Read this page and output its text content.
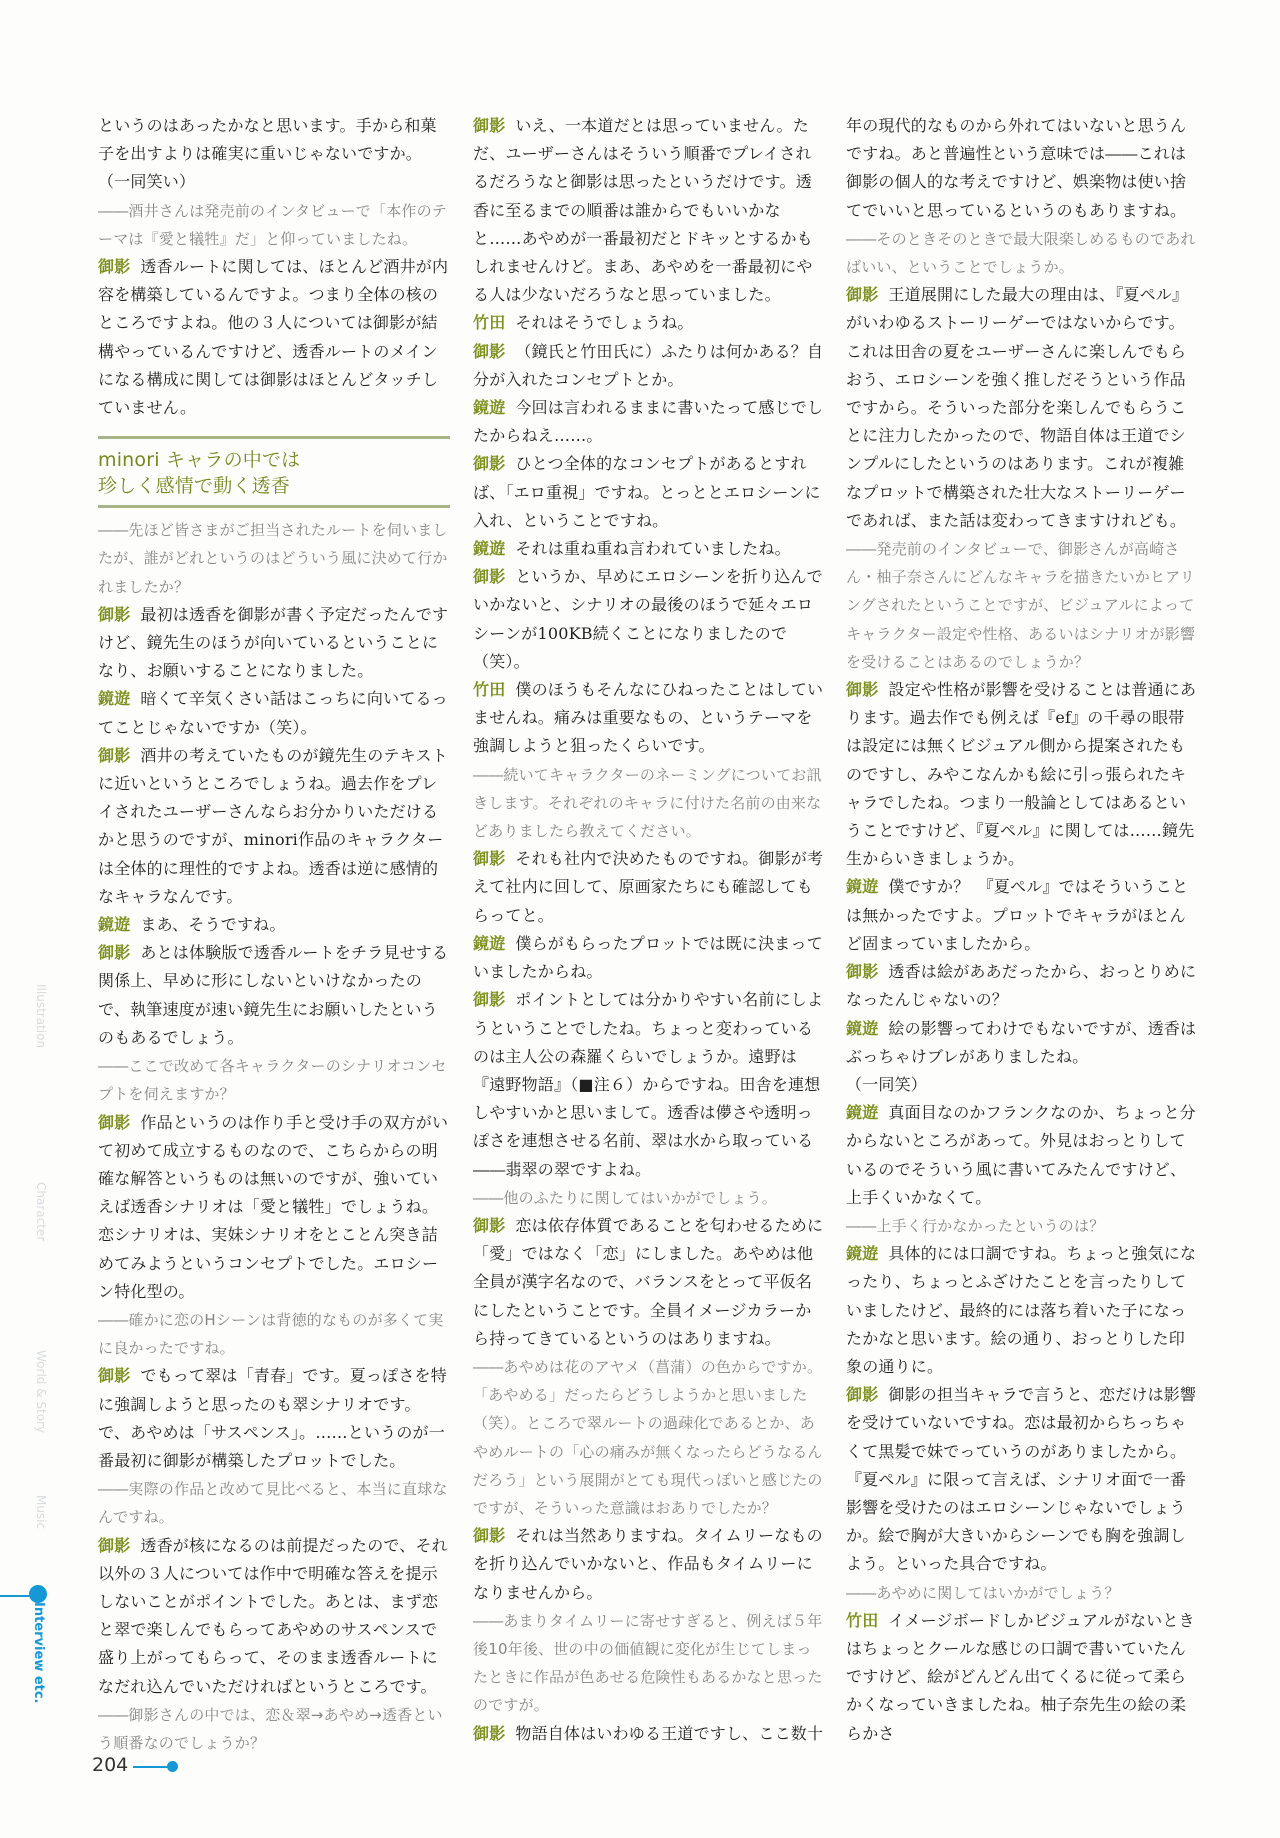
というのはあったかなと思います。手から和菓子を出すよりは確実に重いじゃないですか。

（一同笑い）

――酒井さんは発売前のインタビューで「本作のテーマは『愛と犠牲』だ」と仰っていましたね。

御影 透香ルートに関しては、ほとんど酒井が内容を構築しているんですよ。つまり全体の核のところですよね。他の３人については御影が結構やっているんですけど、透香ルートのメインになる構成に関しては御影はほとんどタッチしていません。

minori キャラの中では
珍しく感情で動く透香

――先ほど皆さまがご担当されたルートを伺いましたが、誰がどれというのはどういう風に決めて行かれましたか？

御影 最初は透香を御影が書く予定だったんですけど、鏡先生のほうが向いているということになり、お願いすることになりました。

鏡遊 暗くて辛気くさい話はこっちに向いてるってことじゃないですか（笑）。

御影 酒井の考えていたものが鏡先生のテキストに近いというところでしょうね。過去作をプレイされたユーザーさんならお分かりいただけるかと思うのですが、minori作品のキャラクターは全体的に理性的ですよね。透香は逆に感情的なキャラなんです。

鏡遊 まあ、そうですね。

御影 あとは体験版で透香ルートをチラ見せする関係上、早めに形にしないといけなかったので、執筆速度が速い鏡先生にお願いしたというのもあるでしょう。

――ここで改めて各キャラクターのシナリオコンセプトを伺えますか？

御影 作品というのは作り手と受け手の双方がいて初めて成立するものなので、こちらからの明確な解答というものは無いのですが、強いていえば透香シナリオは「愛と犠牲」でしょうね。恋シナリオは、実妹シナリオをとことん突き詰めてみようというコンセプトでした。エロシーン特化型の。

――確かに恋のHシーンは背徳的なものが多くて実に良かったですね。

御影 でもって翠は「青春」です。夏っぽさを特に強調しようと思ったのも翠シナリオです。で、あやめは「サスペンス」。……というのが一番最初に御影が構築したプロットでした。

――実際の作品と改めて見比べると、本当に直球なんですね。

御影 透香が核になるのは前提だったので、それ以外の３人については作中で明確な答えを提示しないことがポイントでした。あとは、まず恋と翠で楽しんでもらってあやめのサスペンスで盛り上がってもらって、そのまま透香ルートになだれ込んでいただければというところです。

――御影さんの中では、恋＆翠→あやめ→透香という順番なのでしょうか？

御影 いえ、一本道だとは思っていません。ただ、ユーザーさんはそういう順番でプレイされるだろうなと御影は思ったというだけです。透香に至るまでの順番は誰からでもいいかなと……あやめが一番最初だとドキッとするかもしれませんけど。まあ、あやめを一番最初にやる人は少ないだろうなと思っていました。

竹田 それはそうでしょうね。

御影 （鏡氏と竹田氏に）ふたりは何かある？自分が入れたコンセプトとか。

鏡遊 今回は言われるままに書いたって感じでしたからねえ……。

御影 ひとつ全体的なコンセプトがあるとすれば、「エロ重視」ですね。とっととエロシーンに入れ、ということですね。

鏡遊 それは重ね重ね言われていましたね。

御影 というか、早めにエロシーンを折り込んでいかないと、シナリオの最後のほうで延々エロシーンが100KB続くことになりましたので（笑）。

竹田 僕のほうもそんなにひねったことはしていませんね。痛みは重要なもの、というテーマを強調しようと狙ったくらいです。

――続いてキャラクターのネーミングについてお訊きします。それぞれのキャラに付けた名前の由来などありましたら教えてください。

御影 それも社内で決めたものですね。御影が考えて社内に回して、原画家たちにも確認してもらってと。

鏡遊 僕らがもらったプロットでは既に決まっていましたからね。

御影 ポイントとしては分かりやすい名前にしようということでしたね。ちょっと変わっているのは主人公の森羅くらいでしょうか。遠野は『遠野物語』（■注６）からですね。田舎を連想しやすいかと思いまして。透香は儚さや透明っぽさを連想させる名前、翠は水から取っている――翡翠の翠ですよね。

――他のふたりに関してはいかがでしょう。

御影 恋は依存体質であることを匂わせるために「愛」ではなく「恋」にしました。あやめは他全員が漢字名なので、バランスをとって平仮名にしたということです。全員イメージカラーから持ってきているというのはありますね。

――あやめは花のアヤメ（菖蒲）の色からですか。「あやめる」だったらどうしようかと思いました（笑）。ところで翠ルートの過疎化であるとか、あやめルートの「心の痛みが無くなったらどうなるんだろう」という展開がとても現代っぽいと感じたのですが、そういった意識はおありでしたか？

御影 それは当然ありますね。タイムリーなものを折り込んでいかないと、作品もタイムリーになりませんから。

――あまりタイムリーに寄せすぎると、例えば５年後10年後、世の中の価値観に変化が生じてしまったときに作品が色あせる危険性もあるかなと思ったのですが。

御影 物語自体はいわゆる王道ですし、ここ数十

年の現代的なものから外れてはいないと思うんですね。あと普遍性という意味では――これは御影の個人的な考えですけど、娯楽物は使い捨てでいいと思っているというのもありますね。

――そのときそのときで最大限楽しめるものであればいい、ということでしょうか。

御影 王道展開にした最大の理由は、『夏ペル』がいわゆるストーリーゲーではないからです。これは田舎の夏をユーザーさんに楽しんでもらおう、エロシーンを強く推しだそうという作品ですから。そういった部分を楽しんでもらうことに注力したかったので、物語自体は王道でシンプルにしたというのはあります。これが複雑なプロットで構築された壮大なストーリーゲーであれば、また話は変わってきますけれども。

――発売前のインタビューで、御影さんが高崎さん・柚子奈さんにどんなキャラを描きたいかヒアリングされたということですが、ビジュアルによってキャラクター設定や性格、あるいはシナリオが影響を受けることはあるのでしょうか？

御影 設定や性格が影響を受けることは普通にあります。過去作でも例えば『ef』の千尋の眼帯は設定には無くビジュアル側から提案されたものですし、みやこなんかも絵に引っ張られたキャラでしたね。つまり一般論としてはあるということですけど、『夏ペル』に関しては……鏡先生からいきましょうか。

鏡遊 僕ですか？　『夏ペル』ではそういうことは無かったですよ。プロットでキャラがほとんど固まっていましたから。

御影 透香は絵がああだったから、おっとりめになったんじゃないの？

鏡遊 絵の影響ってわけでもないですが、透香はぶっちゃけブレがありましたね。

（一同笑）

鏡遊 真面目なのかフランクなのか、ちょっと分からないところがあって。外見はおっとりしているのでそういう風に書いてみたんですけど、上手くいかなくて。

――上手く行かなかったというのは？

鏡遊 具体的には口調ですね。ちょっと強気になったり、ちょっとふざけたことを言ったりしていましたけど、最終的には落ち着いた子になったかなと思います。絵の通り、おっとりした印象の通りに。

御影 御影の担当キャラで言うと、恋だけは影響を受けていないですね。恋は最初からちっちゃくて黒髪で妹でっていうのがありましたから。『夏ペル』に限って言えば、シナリオ面で一番影響を受けたのはエロシーンじゃないでしょうか。絵で胸が大きいからシーンでも胸を強調しよう。といった具合ですね。

――あやめに関してはいかがでしょう？

竹田 イメージボードしかビジュアルがないときはちょっとクールな感じの口調で書いていたんですけど、絵がどんどん出てくるに従って柔らかくなっていきましたね。柚子奈先生の絵の柔らかさ

Illustration
Character
World & Story
Music
Interview etc.
204
